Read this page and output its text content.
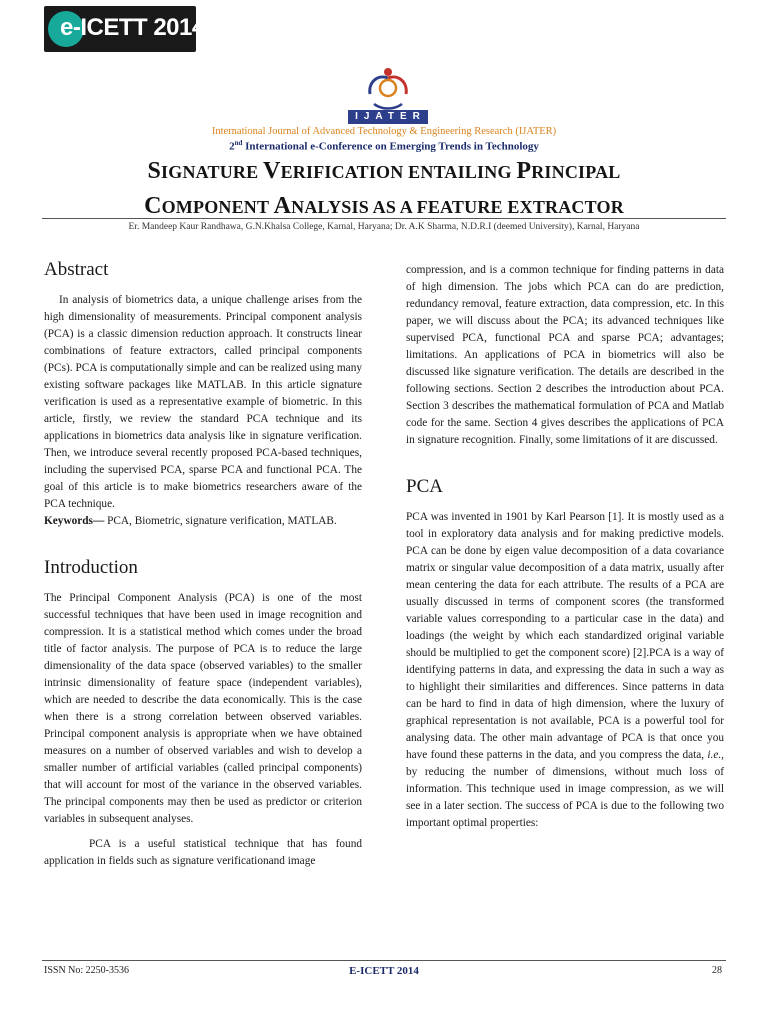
e-ICETT 2014
IJATER
International Journal of Advanced Technology & Engineering Research (IJATER)
2nd International e-Conference on Emerging Trends in Technology
SIGNATURE VERIFICATION ENTAILING PRINCIPAL
COMPONENT ANALYSIS AS A FEATURE EXTRACTOR
Er. Mandeep Kaur Randhawa, G.N.Khalsa College, Karnal, Haryana; Dr. A.K Sharma, N.D.R.I (deemed University), Karnal, Haryana
Abstract

In analysis of biometrics data, a unique challenge arises from the high dimensionality of measurements. Principal component analysis (PCA) is a classic dimension reduction approach. It constructs linear combinations of feature extractors, called principal components (PCs). PCA is computationally simple and can be realized using many existing software packages like MATLAB. In this article signature verification is used as a representative example of biometric. In this article, firstly, we review the standard PCA technique and its applications in biometrics data analysis like in signature verification. Then, we introduce several recently proposed PCA-based techniques, including the supervised PCA, sparse PCA and functional PCA. The goal of this article is to make biometrics researchers aware of the PCA technique.

Keywords— PCA, Biometric, signature verification, MATLAB.

Introduction

The Principal Component Analysis (PCA) is one of the most successful techniques that have been used in image recognition and compression. It is a statistical method which comes under the broad title of factor analysis. The purpose of PCA is to reduce the large dimensionality of the data space (observed variables) to the smaller intrinsic dimensionality of feature space (independent variables), which are needed to describe the data economically. This is the case when there is a strong correlation between observed variables. Principal component analysis is appropriate when we have obtained measures on a number of observed variables and wish to develop a smaller number of artificial variables (called principal components) that will account for most of the variance in the observed variables. The principal components may then be used as predictor or criterion variables in subsequent analyses.

PCA is a useful statistical technique that has found application in fields such as signature verificationand image

compression, and is a common technique for finding patterns in data of high dimension. The jobs which PCA can do are prediction, redundancy removal, feature extraction, data compression, etc. In this paper, we will discuss about the PCA; its advanced techniques like supervised PCA, functional PCA and sparse PCA; advantages; limitations. An applications of PCA in biometrics will also be discussed like signature verification. The details are described in the following sections. Section 2 describes the introduction about PCA. Section 3 describes the mathematical formulation of PCA and Matlab code for the same. Section 4 gives describes the applications of PCA in signature recognition. Finally, some limitations of it are discussed.

PCA

PCA was invented in 1901 by Karl Pearson [1]. It is mostly used as a tool in exploratory data analysis and for making predictive models. PCA can be done by eigen value decomposition of a data covariance matrix or singular value decomposition of a data matrix, usually after mean centering the data for each attribute. The results of a PCA are usually discussed in terms of component scores (the transformed variable values corresponding to a particular case in the data) and loadings (the weight by which each standardized original variable should be multiplied to get the component score) [2].PCA is a way of identifying patterns in data, and expressing the data in such a way as to highlight their similarities and differences. Since patterns in data can be hard to find in data of high dimension, where the luxury of graphical representation is not available, PCA is a powerful tool for analysing data. The other main advantage of PCA is that once you have found these patterns in the data, and you compress the data, i.e., by reducing the number of dimensions, without much loss of information. This technique used in image compression, as we will see in a later section. The success of PCA is due to the following two important optimal properties:

ISSN No: 2250-3536	E-ICETT 2014	28
